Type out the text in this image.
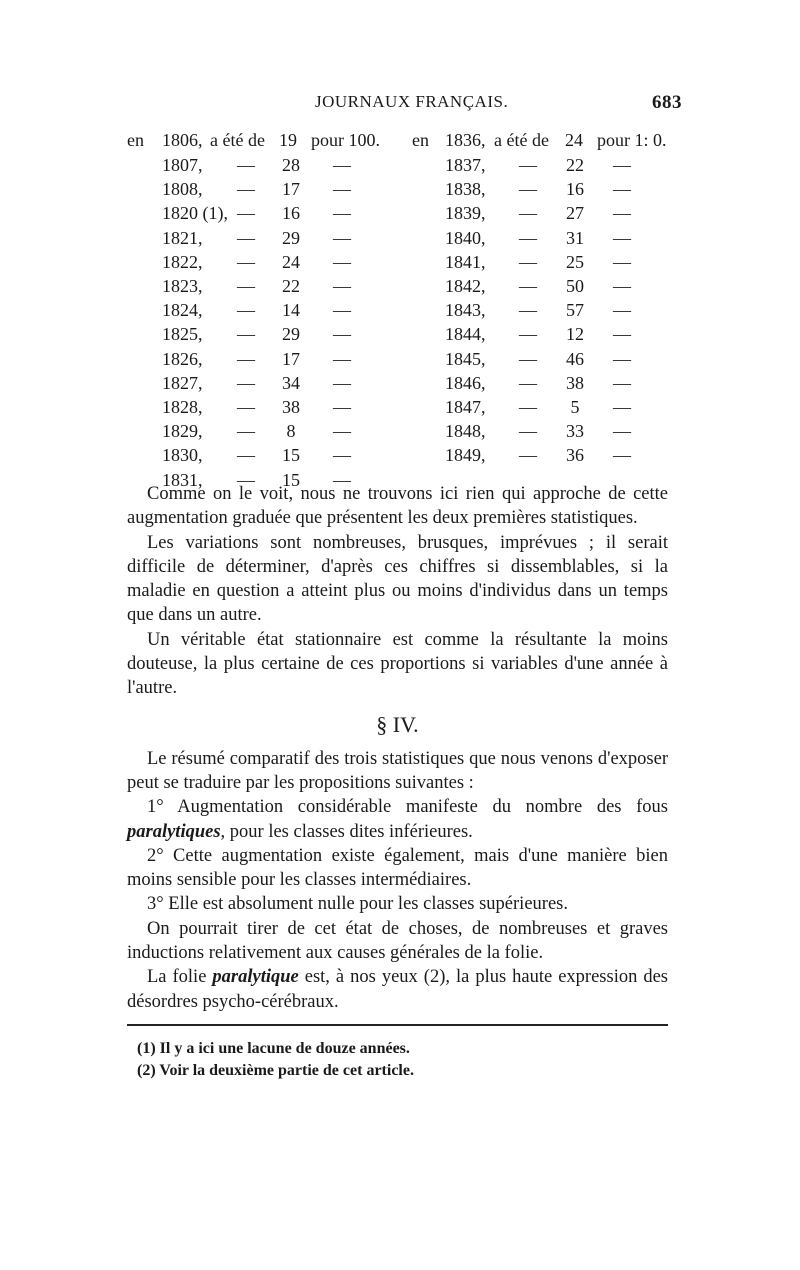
JOURNAUX FRANÇAIS.	683
en 1806, a été de 19 pour 100. en 1836, a été de 24 pour 1: 0.
1807, — 28 —	1837, — 22 —
1808, — 17 —	1838, — 16 —
1820 (1), — 16 —	1839, — 27 —
1821, — 29 —	1840, — 31 —
1822, — 24 —	1841, — 25 —
1823, — 22 —	1842, — 50 —
1824, — 14 —	1843, — 57 —
1825, — 29 —	1844, — 12 —
1826, — 17 —	1845, — 46 —
1827, — 34 —	1846, — 38 —
1828, — 38 —	1847, —	5	—
1829, —	8	—	1848, — 33 —
1830, — 15 —	1849, — 36 —
1831, — 15 —

Comme on le voit, nous ne trouvons ici rien qui approche de cette augmentation graduée que présentent les deux premières statistiques.

Les variations sont nombreuses, brusques, imprévues ; il serait difficile de déterminer, d'après ces chiffres si dissemblables, si la maladie en question a atteint plus ou moins d'individus dans un temps que dans un autre.

Un véritable état stationnaire est comme la résultante la moins douteuse, la plus certaine de ces proportions si variables d'une année à l'autre.

§ IV.

Le résumé comparatif des trois statistiques que nous venons d'exposer peut se traduire par les propositions suivantes :

1° Augmentation considérable manifeste du nombre des fous paralytiques, pour les classes dites inférieures.

2° Cette augmentation existe également, mais d'une manière bien moins sensible pour les classes intermédiaires.

3° Elle est absolument nulle pour les classes supérieures.

On pourrait tirer de cet état de choses, de nombreuses et graves inductions relativement aux causes générales de la folie.

La folie paralytique est, à nos yeux (2), la plus haute expression des désordres psycho-cérébraux.

(1) Il y a ici une lacune de douze années.
(2) Voir la deuxième partie de cet article.
